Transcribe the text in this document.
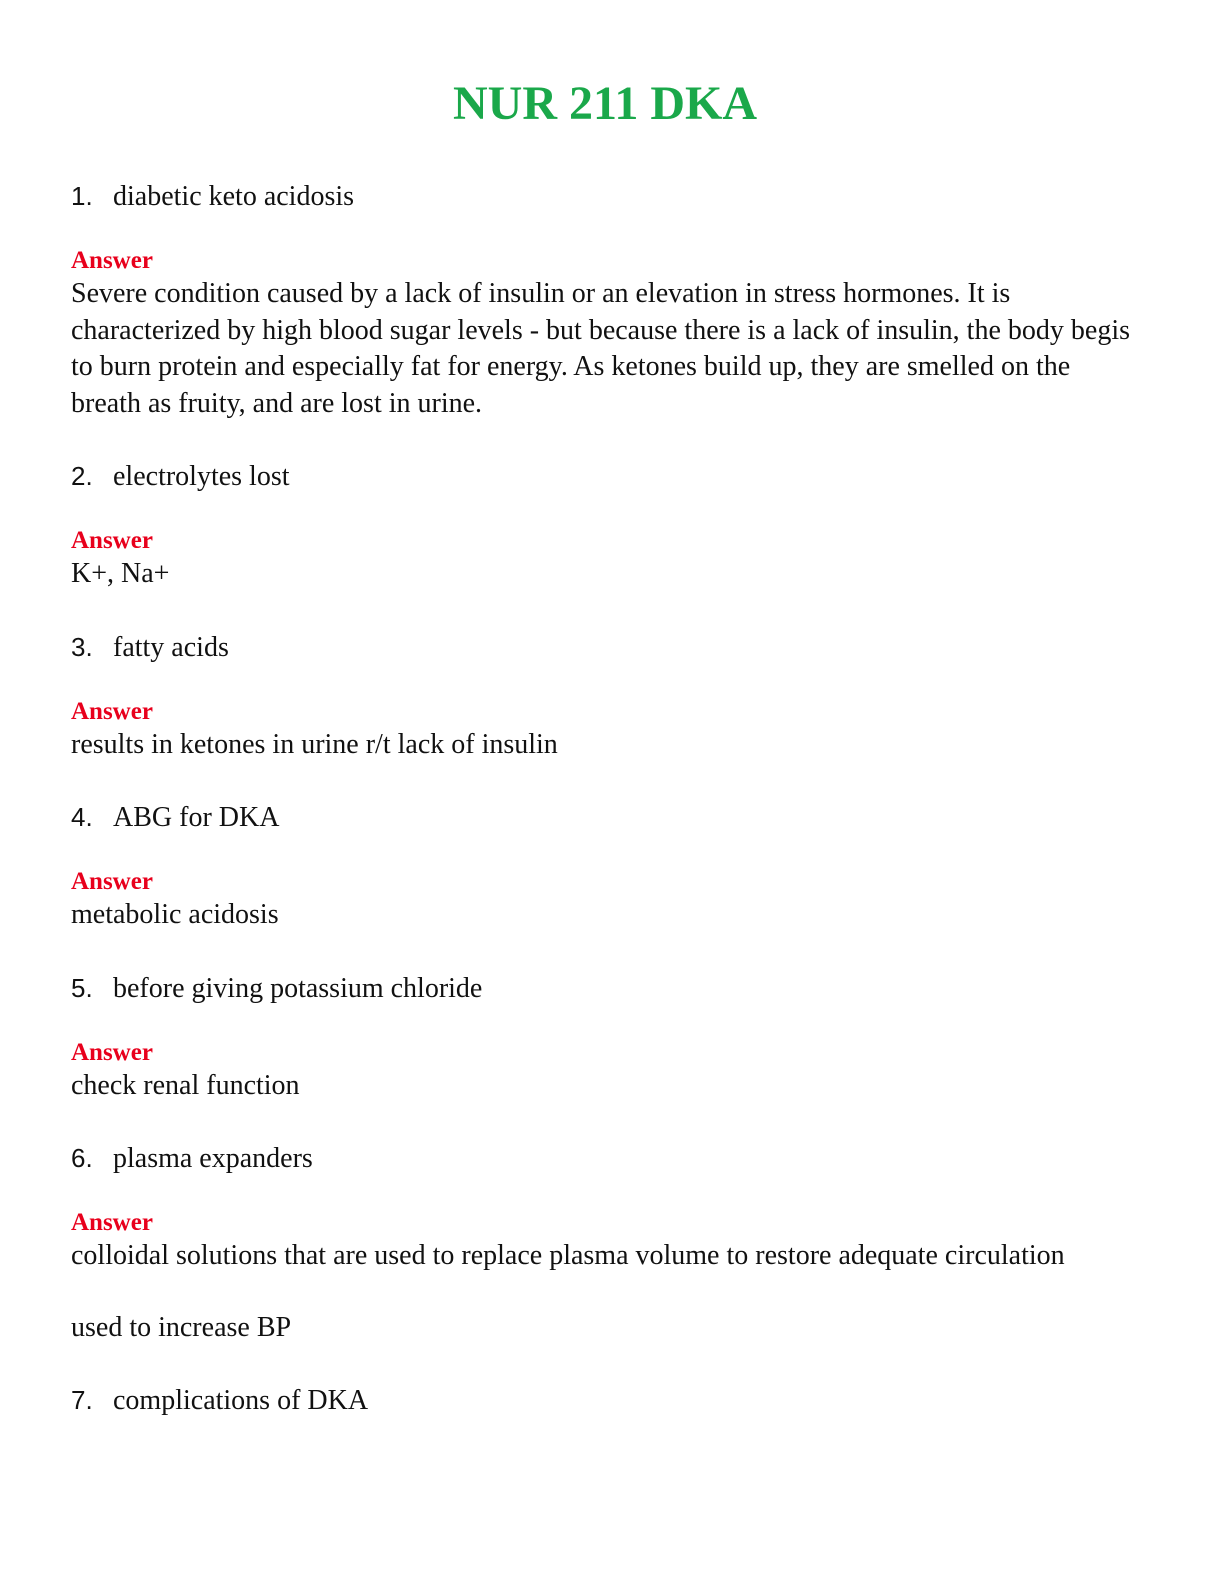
NUR 211 DKA

1. diabetic keto acidosis

Answer

Severe condition caused by a lack of insulin or an elevation in stress hormones. It is characterized by high blood sugar levels - but because there is a lack of insulin, the body begis to burn protein and especially fat for energy. As ketones build up, they are smelled on the breath as fruity, and are lost in urine.

2. electrolytes lost

Answer

K+, Na+

3. fatty acids

Answer

results in ketones in urine r/t lack of insulin

4. ABG for DKA

Answer

metabolic acidosis

5. before giving potassium chloride

Answer

check renal function

6. plasma expanders

Answer

colloidal solutions that are used to replace plasma volume to restore adequate circulation

used to increase BP

7. complications of DKA
